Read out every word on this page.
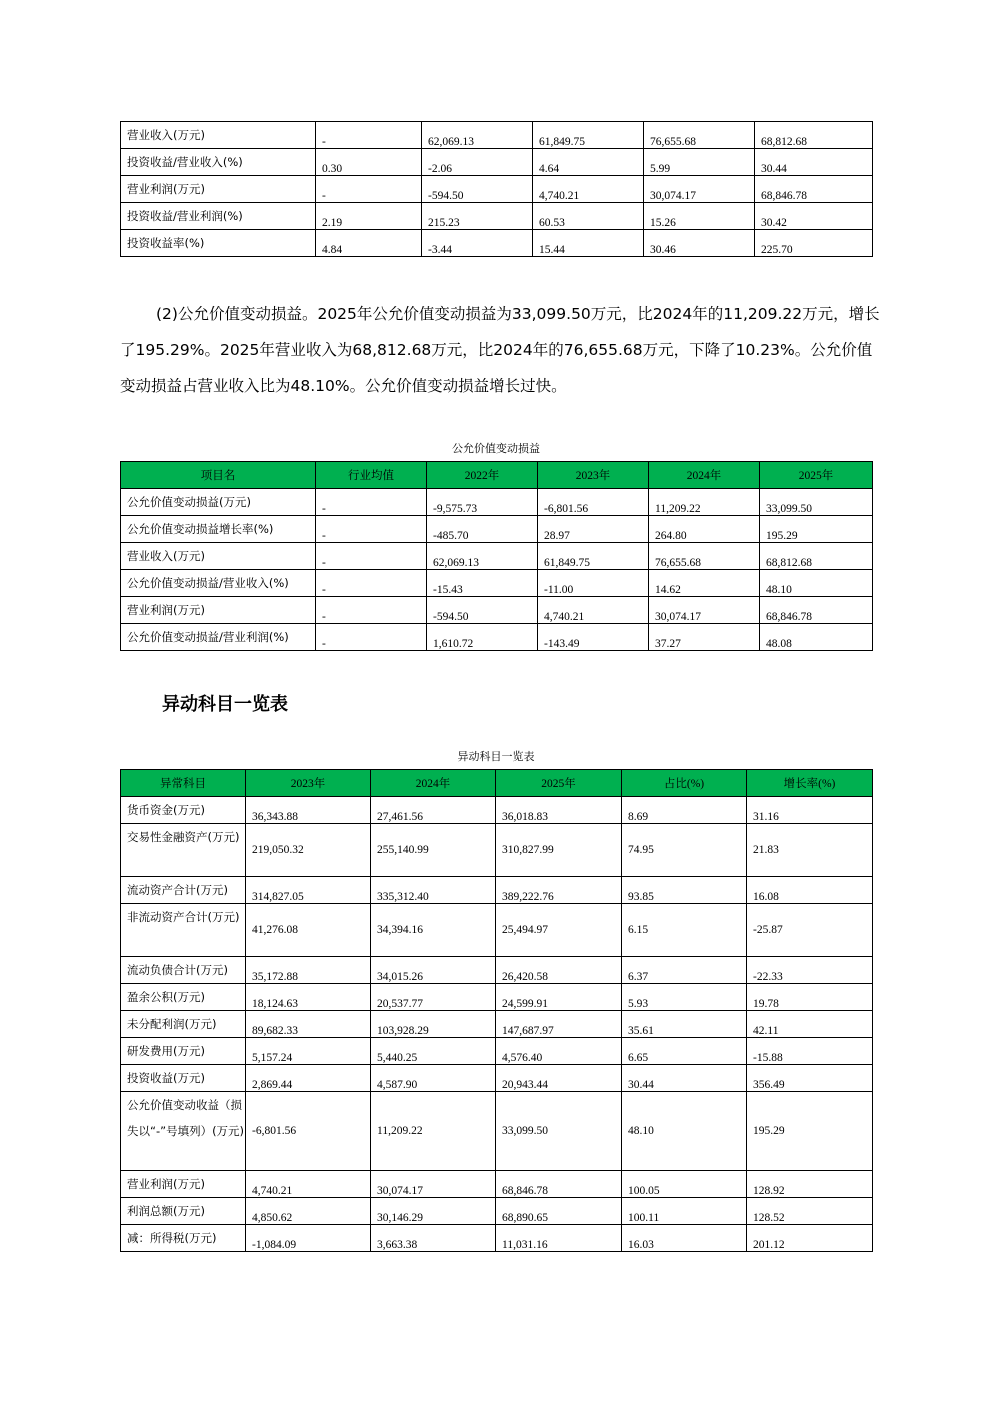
营业收入(万元)	-	62,069.13	61,849.75	76,655.68	68,812.68
投资收益/营业收入(%)	0.30	-2.06	4.64	5.99	30.44
营业利润(万元)	-	-594.50	4,740.21	30,074.17	68,846.78
投资收益/营业利润(%)	2.19	215.23	60.53	15.26	30.42
投资收益率(%)	4.84	-3.44	15.44	30.46	225.70
(2)公允价值变动损益。2025年公允价值变动损益为33,099.50万元，比2024年的11,209.22万元，增长了195.29%。2025年营业收入为68,812.68万元，比2024年的76,655.68万元，下降了10.23%。公允价值变动损益占营业收入比为48.10%。公允价值变动损益增长过快。
公允价值变动损益
项目名	行业均值	2022年	2023年	2024年	2025年
公允价值变动损益(万元)	-	-9,575.73	-6,801.56	11,209.22	33,099.50
公允价值变动损益增长率(%)	-	-485.70	28.97	264.80	195.29
营业收入(万元)	-	62,069.13	61,849.75	76,655.68	68,812.68
公允价值变动损益/营业收入(%)	-	-15.43	-11.00	14.62	48.10
营业利润(万元)	-	-594.50	4,740.21	30,074.17	68,846.78
公允价值变动损益/营业利润(%)	-	1,610.72	-143.49	37.27	48.08
异动科目一览表
异动科目一览表
异常科目	2023年	2024年	2025年	占比(%)	增长率(%)
货币资金(万元)	36,343.88	27,461.56	36,018.83	8.69	31.16
交易性金融资产(万元)	219,050.32	255,140.99	310,827.99	74.95	21.83
流动资产合计(万元)	314,827.05	335,312.40	389,222.76	93.85	16.08
非流动资产合计(万元)	41,276.08	34,394.16	25,494.97	6.15	-25.87
流动负债合计(万元)	35,172.88	34,015.26	26,420.58	6.37	-22.33
盈余公积(万元)	18,124.63	20,537.77	24,599.91	5.93	19.78
未分配利润(万元)	89,682.33	103,928.29	147,687.97	35.61	42.11
研发费用(万元)	5,157.24	5,440.25	4,576.40	6.65	-15.88
投资收益(万元)	2,869.44	4,587.90	20,943.44	30.44	356.49
公允价值变动收益（损失以“-”号填列）(万元)	-6,801.56	11,209.22	33,099.50	48.10	195.29
营业利润(万元)	4,740.21	30,074.17	68,846.78	100.05	128.92
利润总额(万元)	4,850.62	30,146.29	68,890.65	100.11	128.52
减：所得税(万元)	-1,084.09	3,663.38	11,031.16	16.03	201.12
